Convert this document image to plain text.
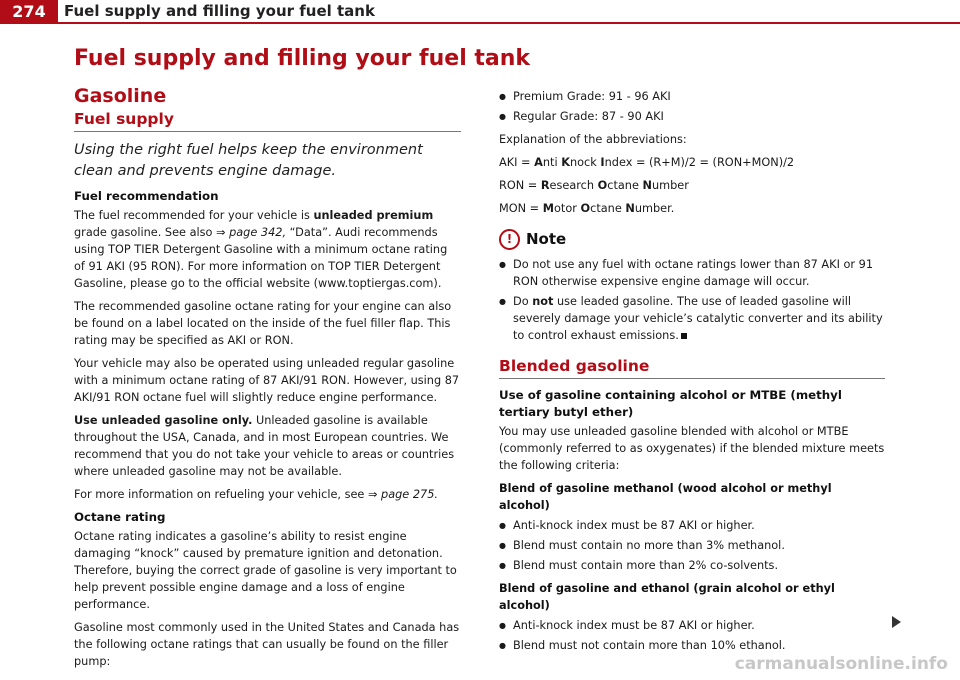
274	Fuel supply and filling your fuel tank
Fuel supply and filling your fuel tank
Gasoline
Fuel supply

Using the right fuel helps keep the environment clean and prevents engine damage.

Fuel recommendation

The fuel recommended for your vehicle is unleaded premium grade gasoline. See also ⇒ page 342, “Data”. Audi recommends using TOP TIER Detergent Gasoline with a minimum octane rating of 91 AKI (95 RON). For more information on TOP TIER Detergent Gasoline, please go to the official website (www.toptiergas.com).

The recommended gasoline octane rating for your engine can also be found on a label located on the inside of the fuel filler flap. This rating may be specified as AKI or RON.

Your vehicle may also be operated using unleaded regular gasoline with a minimum octane rating of 87 AKI/91 RON. However, using 87 AKI/91 RON octane fuel will slightly reduce engine performance.

Use unleaded gasoline only. Unleaded gasoline is available throughout the USA, Canada, and in most European countries. We recommend that you do not take your vehicle to areas or countries where unleaded gasoline may not be available.

For more information on refueling your vehicle, see ⇒ page 275.

Octane rating

Octane rating indicates a gasoline’s ability to resist engine damaging “knock” caused by premature ignition and detonation. Therefore, buying the correct grade of gasoline is very important to help prevent possible engine damage and a loss of engine performance.

Gasoline most commonly used in the United States and Canada has the following octane ratings that can usually be found on the filler pump:

● Premium Grade: 91 - 96 AKI
● Regular Grade: 87 - 90 AKI

Explanation of the abbreviations:

AKI = Anti Knock Index = (R+M)/2 = (RON+MON)/2

RON = Research Octane Number

MON = Motor Octane Number.

! Note
● Do not use any fuel with octane ratings lower than 87 AKI or 91 RON otherwise expensive engine damage will occur.
● Do not use leaded gasoline. The use of leaded gasoline will severely damage your vehicle’s catalytic converter and its ability to control exhaust emissions.
Blended gasoline
Use of gasoline containing alcohol or MTBE (methyl tertiary butyl ether)

You may use unleaded gasoline blended with alcohol or MTBE (commonly referred to as oxygenates) if the blended mixture meets the following criteria:

Blend of gasoline methanol (wood alcohol or methyl alcohol)
● Anti-knock index must be 87 AKI or higher.
● Blend must contain no more than 3% methanol.
● Blend must contain more than 2% co-solvents.
Blend of gasoline and ethanol (grain alcohol or ethyl alcohol)
● Anti-knock index must be 87 AKI or higher.
● Blend must not contain more than 10% ethanol.
carmanualsonline.info
